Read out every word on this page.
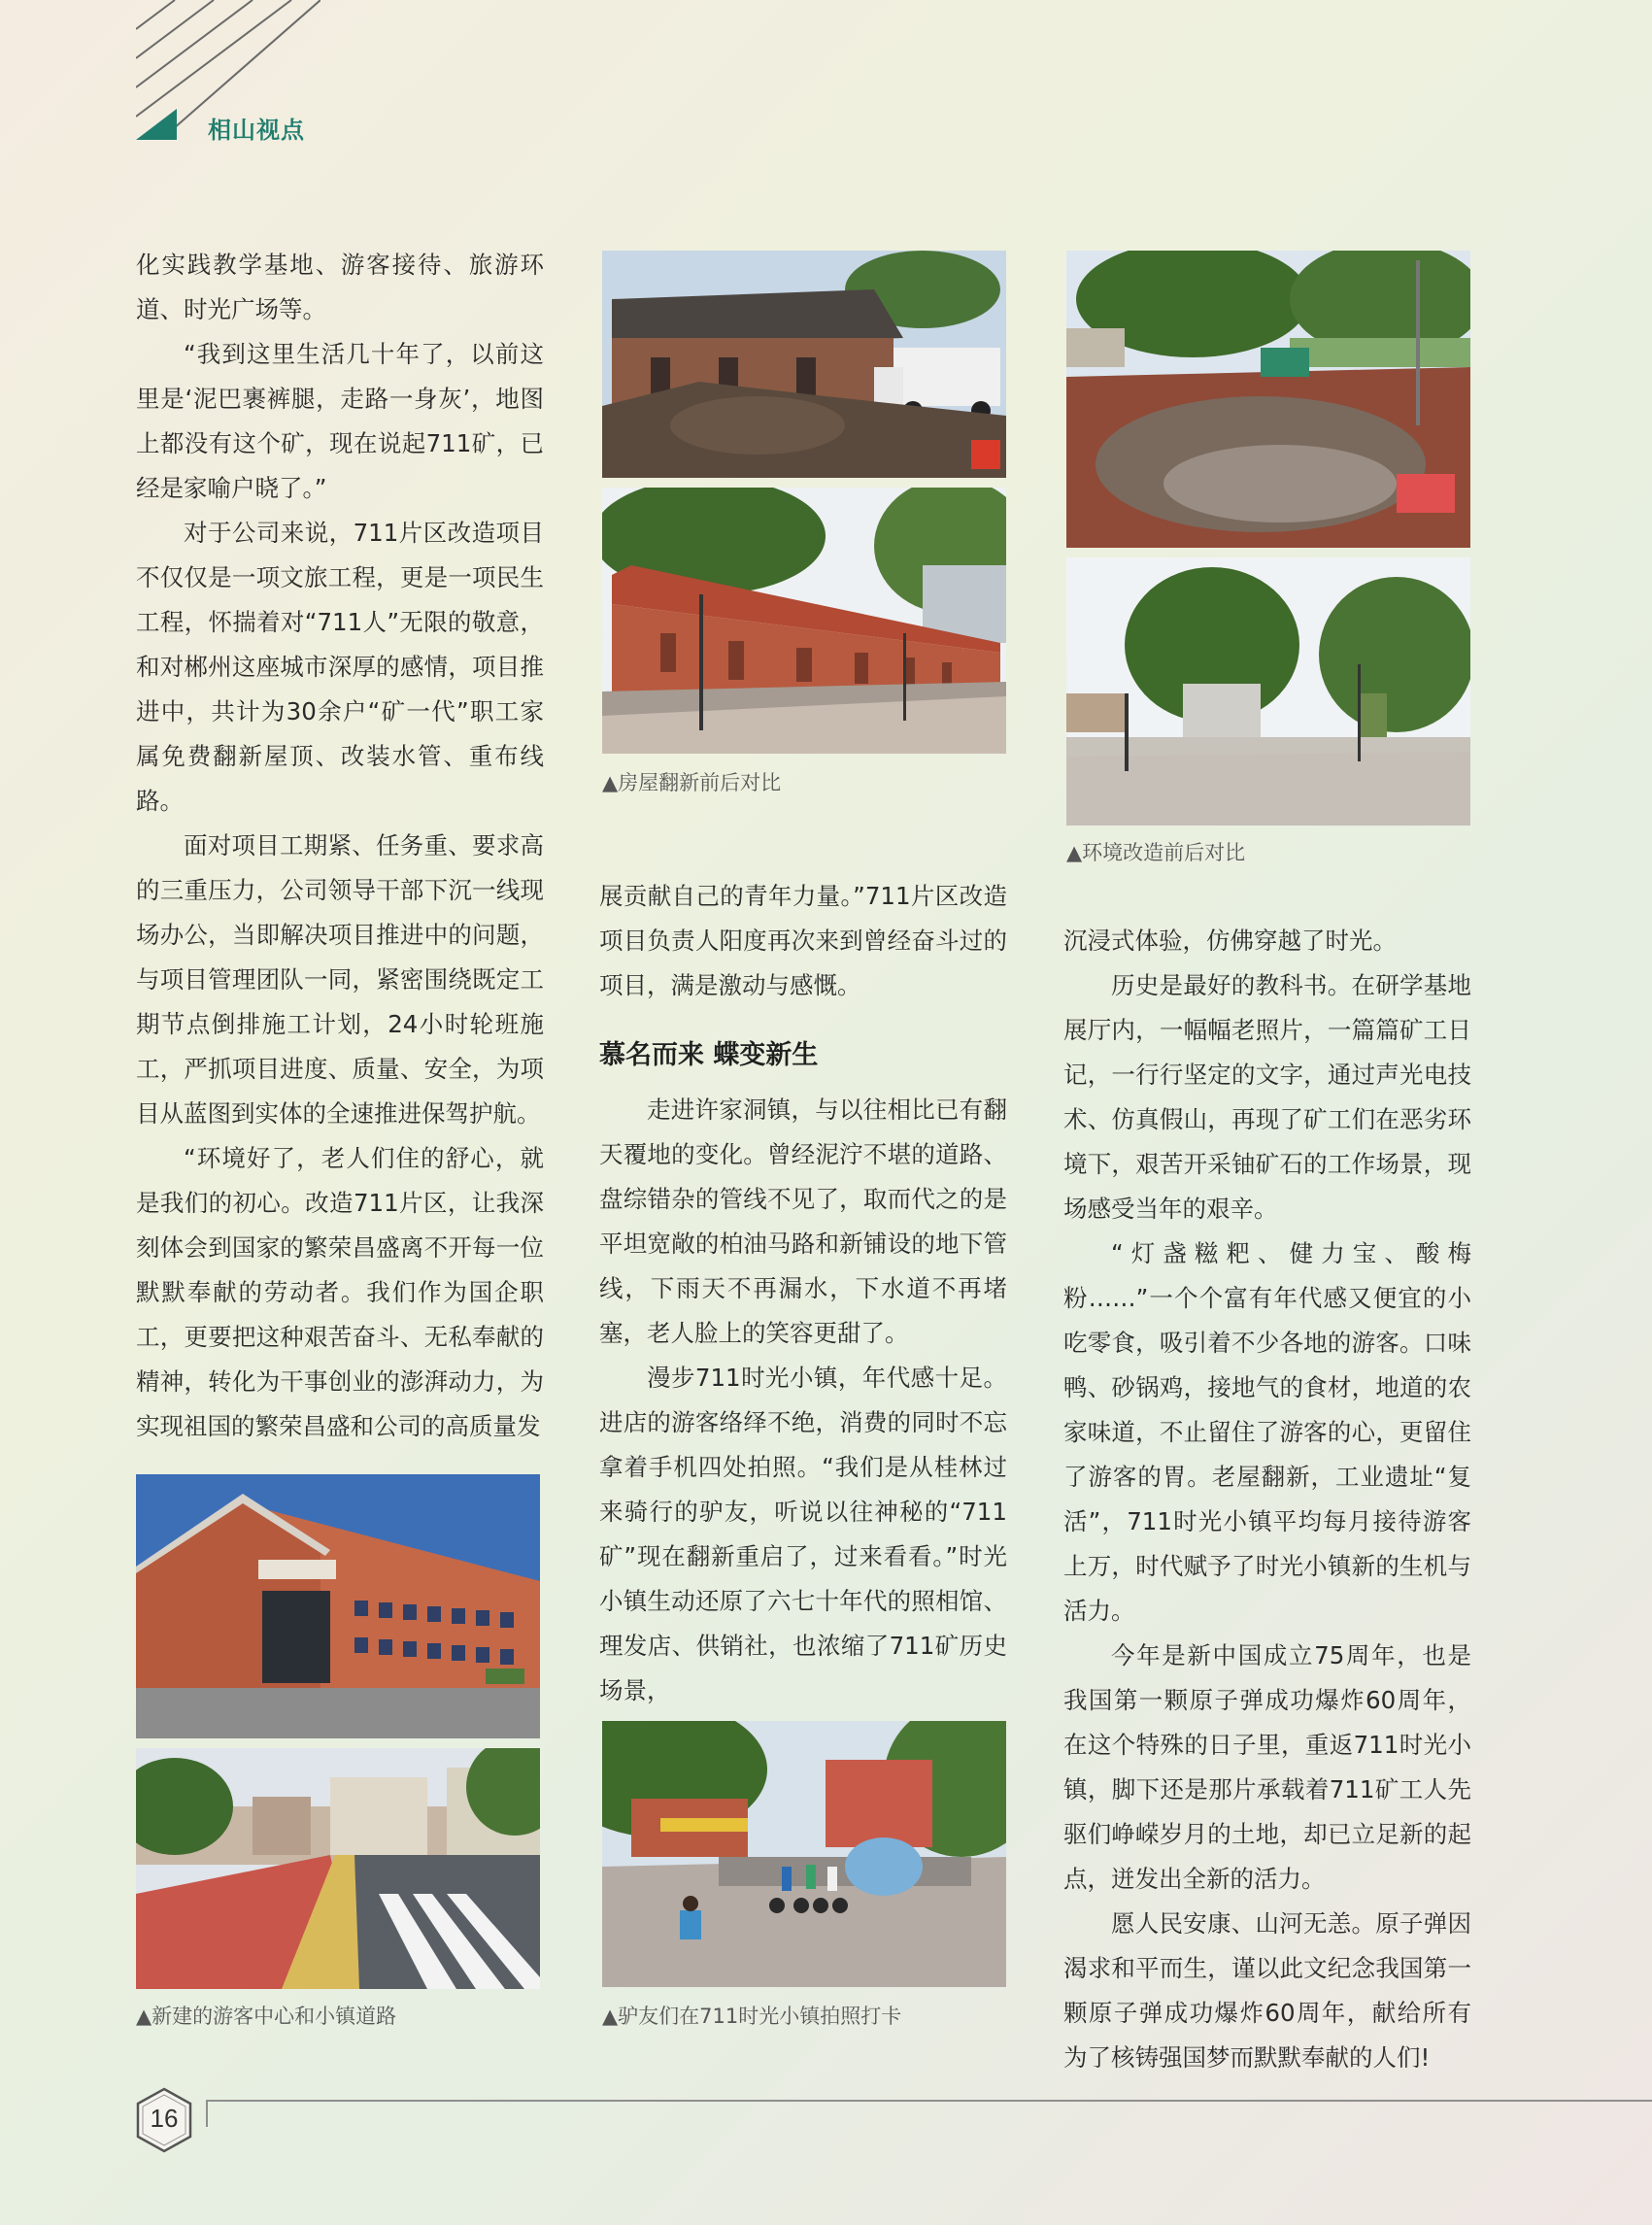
相山视点

化实践教学基地、游客接待、旅游环道、时光广场等。

“我到这里生活几十年了，以前这里是‘泥巴裹裤腿，走路一身灰’，地图上都没有这个矿，现在说起711矿，已经是家喻户晓了。”

对于公司来说，711片区改造项目不仅仅是一项文旅工程，更是一项民生工程，怀揣着对“711人”无限的敬意，和对郴州这座城市深厚的感情，项目推进中，共计为30余户“矿一代”职工家属免费翻新屋顶、改装水管、重布线路。

面对项目工期紧、任务重、要求高的三重压力，公司领导干部下沉一线现场办公，当即解决项目推进中的问题，与项目管理团队一同，紧密围绕既定工期节点倒排施工计划，24小时轮班施工，严抓项目进度、质量、安全，为项目从蓝图到实体的全速推进保驾护航。

“环境好了，老人们住的舒心，就是我们的初心。改造711片区，让我深刻体会到国家的繁荣昌盛离不开每一位默默奉献的劳动者。我们作为国企职工，更要把这种艰苦奋斗、无私奉献的精神，转化为干事创业的澎湃动力，为实现祖国的繁荣昌盛和公司的高质量发

▲新建的游客中心和小镇道路
▲房屋翻新前后对比

展贡献自己的青年力量。”711片区改造项目负责人阳度再次来到曾经奋斗过的项目，满是激动与感慨。

慕名而来 蝶变新生

走进许家洞镇，与以往相比已有翻天覆地的变化。曾经泥泞不堪的道路、盘综错杂的管线不见了，取而代之的是平坦宽敞的柏油马路和新铺设的地下管线，下雨天不再漏水，下水道不再堵塞，老人脸上的笑容更甜了。

漫步711时光小镇，年代感十足。进店的游客络绎不绝，消费的同时不忘拿着手机四处拍照。“我们是从桂林过来骑行的驴友，听说以往神秘的“711矿”现在翻新重启了，过来看看。”时光小镇生动还原了六七十年代的照相馆、理发店、供销社，也浓缩了711矿历史场景，

▲驴友们在711时光小镇拍照打卡
▲环境改造前后对比

沉浸式体验，仿佛穿越了时光。

历史是最好的教科书。在研学基地展厅内，一幅幅老照片，一篇篇矿工日记，一行行坚定的文字，通过声光电技术、仿真假山，再现了矿工们在恶劣环境下，艰苦开采铀矿石的工作场景，现场感受当年的艰辛。

“灯盏糍粑、健力宝、酸梅粉……”一个个富有年代感又便宜的小吃零食，吸引着不少各地的游客。口味鸭、砂锅鸡，接地气的食材，地道的农家味道，不止留住了游客的心，更留住了游客的胃。老屋翻新，工业遗址“复活”，711时光小镇平均每月接待游客上万，时代赋予了时光小镇新的生机与活力。

今年是新中国成立75周年，也是我国第一颗原子弹成功爆炸60周年，在这个特殊的日子里，重返711时光小镇，脚下还是那片承载着711矿工人先驱们峥嵘岁月的土地，却已立足新的起点，迸发出全新的活力。

愿人民安康、山河无恙。原子弹因渴求和平而生，谨以此文纪念我国第一颗原子弹成功爆炸60周年，献给所有为了核铸强国梦而默默奉献的人们!

16
